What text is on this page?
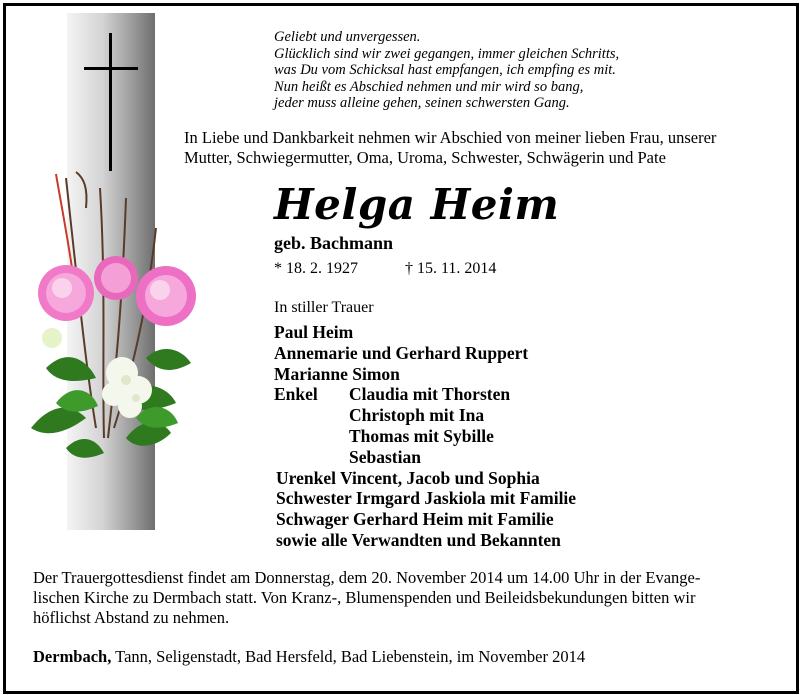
Geliebt und unvergessen.
Glücklich sind wir zwei gegangen, immer gleichen Schritts,
was Du vom Schicksal hast empfangen, ich empfing es mit.
Nun heißt es Abschied nehmen und mir wird so bang,
jeder muss alleine gehen, seinen schwersten Gang.
In Liebe und Dankbarkeit nehmen wir Abschied von meiner lieben Frau, unserer
Mutter, Schwiegermutter, Oma, Uroma, Schwester, Schwägerin und Pate
Helga Heim
geb. Bachmann
* 18. 2. 1927	† 15. 11. 2014
In stiller Trauer
Paul Heim
Annemarie und Gerhard Ruppert
Marianne Simon
Enkel Claudia mit Thorsten
Christoph mit Ina
Thomas mit Sybille
Sebastian
Urenkel Vincent, Jacob und Sophia
Schwester Irmgard Jaskiola mit Familie
Schwager Gerhard Heim mit Familie
sowie alle Verwandten und Bekannten
Der Trauergottesdienst findet am Donnerstag, dem 20. November 2014 um 14.00 Uhr in der Evange-
lischen Kirche zu Dermbach statt. Von Kranz-, Blumenspenden und Beileidsbekundungen bitten wir
höflichst Abstand zu nehmen.
Dermbach, Tann, Seligenstadt, Bad Hersfeld, Bad Liebenstein, im November 2014
